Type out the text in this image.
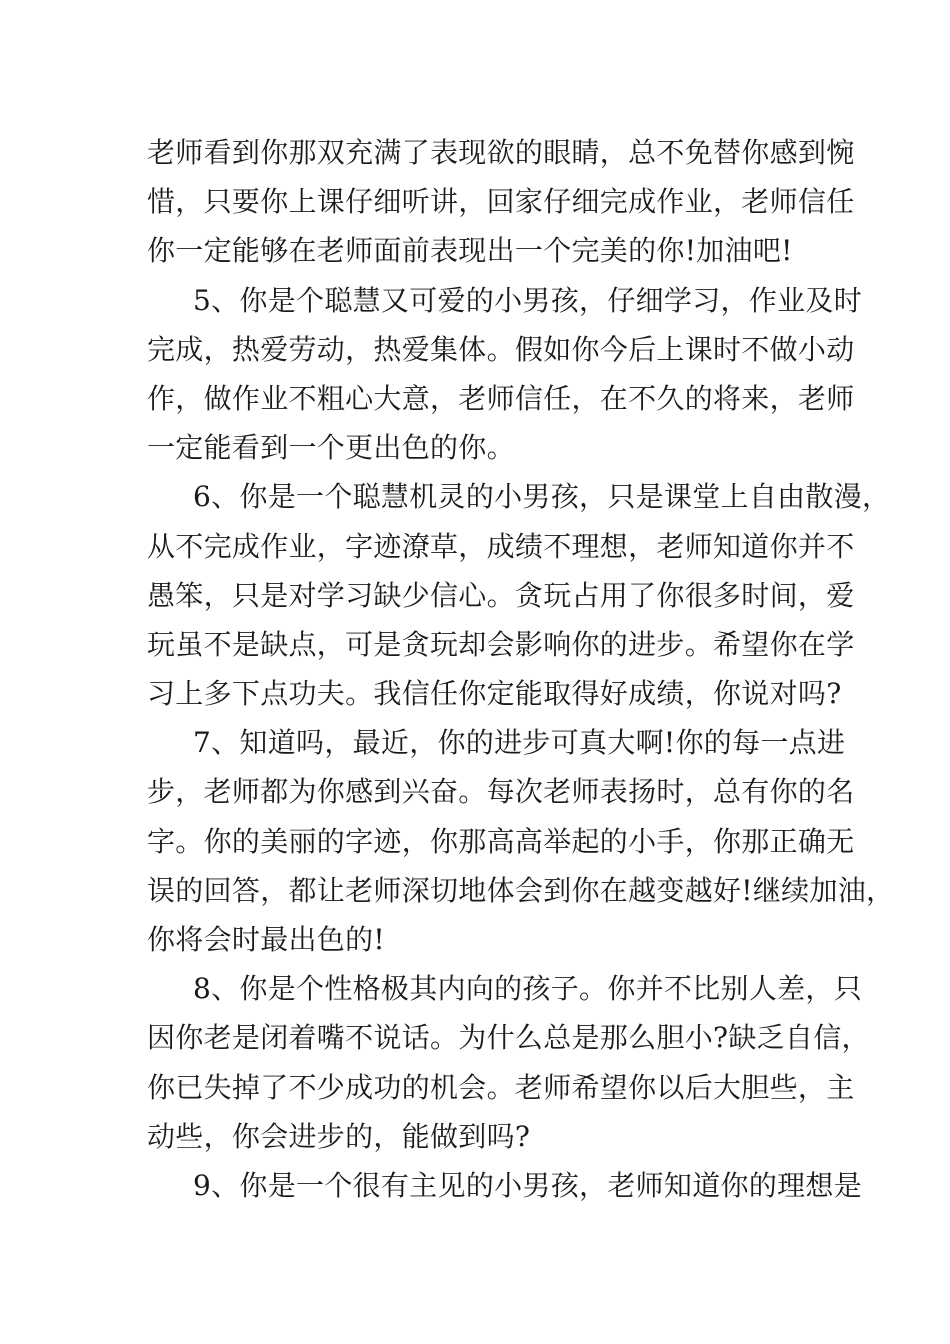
老师看到你那双充满了表现欲的眼睛，总不免替你感到惋
惜，只要你上课仔细听讲，回家仔细完成作业，老师信任
你一定能够在老师面前表现出一个完美的你!加油吧!
5、你是个聪慧又可爱的小男孩，仔细学习，作业及时
完成，热爱劳动，热爱集体。假如你今后上课时不做小动
作，做作业不粗心大意，老师信任，在不久的将来，老师
一定能看到一个更出色的你。
6、你是一个聪慧机灵的小男孩，只是课堂上自由散漫，
从不完成作业，字迹潦草，成绩不理想，老师知道你并不
愚笨，只是对学习缺少信心。贪玩占用了你很多时间，爱
玩虽不是缺点，可是贪玩却会影响你的进步。希望你在学
习上多下点功夫。我信任你定能取得好成绩，你说对吗?
7、知道吗，最近，你的进步可真大啊!你的每一点进
步，老师都为你感到兴奋。每次老师表扬时，总有你的名
字。你的美丽的字迹，你那高高举起的小手，你那正确无
误的回答，都让老师深切地体会到你在越变越好!继续加油，
你将会时最出色的!
8、你是个性格极其内向的孩子。你并不比别人差，只
因你老是闭着嘴不说话。为什么总是那么胆小?缺乏自信，
你已失掉了不少成功的机会。老师希望你以后大胆些，主
动些，你会进步的，能做到吗?
9、你是一个很有主见的小男孩，老师知道你的理想是
